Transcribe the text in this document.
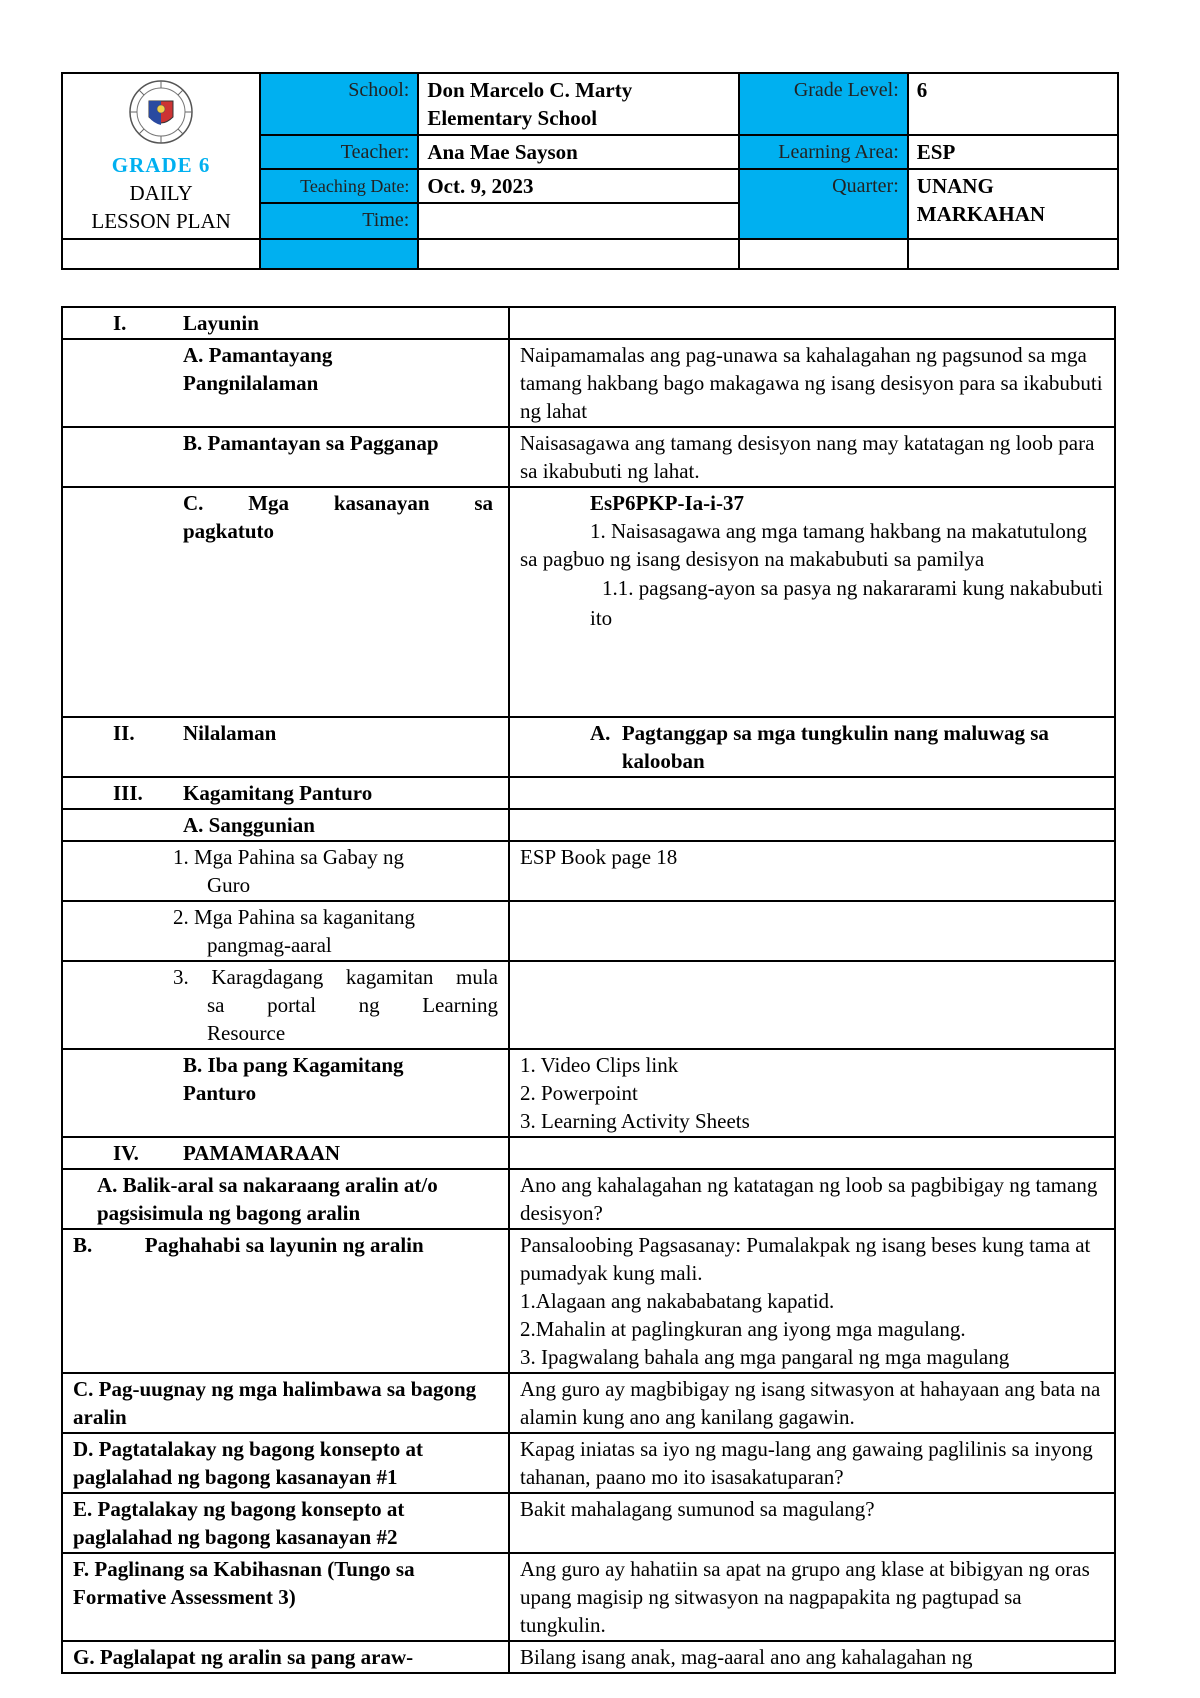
GRADE 6
DAILY
LESSON PLAN	School:	Don Marcelo C. Marty Elementary School	Grade Level:	6
	Teacher:	Ana Mae Sayson	Learning Area:	ESP
	Teaching Date:	Oct. 9, 2023	Quarter:	UNANG MARKAHAN
	Time:			

I. Layunin	

A. Pamantayang Pangnilalaman	Naipamamalas ang pag-unawa sa kahalagahan ng pagsunod sa mga tamang hakbang bago makagawa ng isang desisyon para sa ikabubuti ng lahat
B. Pamantayan sa Pagganap	Naisasagawa ang tamang desisyon nang may katatagan ng loob para sa ikabubuti ng lahat.

C. Mga kasanayan sa pagkatuto	EsP6PKP-Ia-i-37
1. Naisasagawa ang mga tamang hakbang na makatutulong sa pagbuo ng isang desisyon na makabubuti sa pamilya
1.1. pagsang-ayon sa pasya ng nakararami kung nakabubuti ito

II. Nilalaman	A. Pagtanggap sa mga tungkulin nang maluwag sa kalooban

III. Kagamitang Panturo	
A. Sanggunian	

1. Mga Pahina sa Gabay ng Guro	ESP Book page 18

2. Mga Pahina sa kaganitang pangmag-aaral	

3. Karagdagang kagamitan mula sa portal ng Learning Resource	

B. Iba pang Kagamitang Panturo	1. Video Clips link
2. Powerpoint
3. Learning Activity Sheets

IV. PAMAMARAAN	
A. Balik-aral sa nakaraang aralin at/o pagsisimula ng bagong aralin	Ano ang kahalagahan ng katatagan ng loob sa pagbibigay ng tamang desisyon?
B.          Paghahabi sa layunin ng aralin	Pansaloobing Pagsasanay: Pumalakpak ng isang beses kung tama at pumadyak kung mali.
1.Alagaan ang nakababatang kapatid.
2.Mahalin at paglingkuran ang iyong mga magulang.
3. Ipagwalang bahala ang mga pangaral ng mga magulang

C. Pag-uugnay ng mga halimbawa sa bagong aralin	Ang guro ay magbibigay ng isang sitwasyon at hahayaan ang bata na alamin kung ano ang kanilang gagawin.
D. Pagtatalakay ng bagong konsepto at paglalahad ng bagong kasanayan #1	Kapag iniatas sa iyo ng magu-lang ang gawaing paglilinis sa inyong tahanan, paano mo ito isasakatuparan?
E. Pagtalakay ng bagong konsepto at paglalahad ng bagong kasanayan #2	Bakit mahalagang sumunod sa magulang?
F. Paglinang sa Kabihasnan (Tungo sa Formative Assessment 3)	Ang guro ay hahatiin sa apat na grupo ang klase at bibigyan ng oras upang magisip ng sitwasyon na nagpapakita ng pagtupad sa tungkulin.
G. Paglalapat ng aralin sa pang araw-	Bilang isang anak, mag-aaral ano ang kahalagahan ng
